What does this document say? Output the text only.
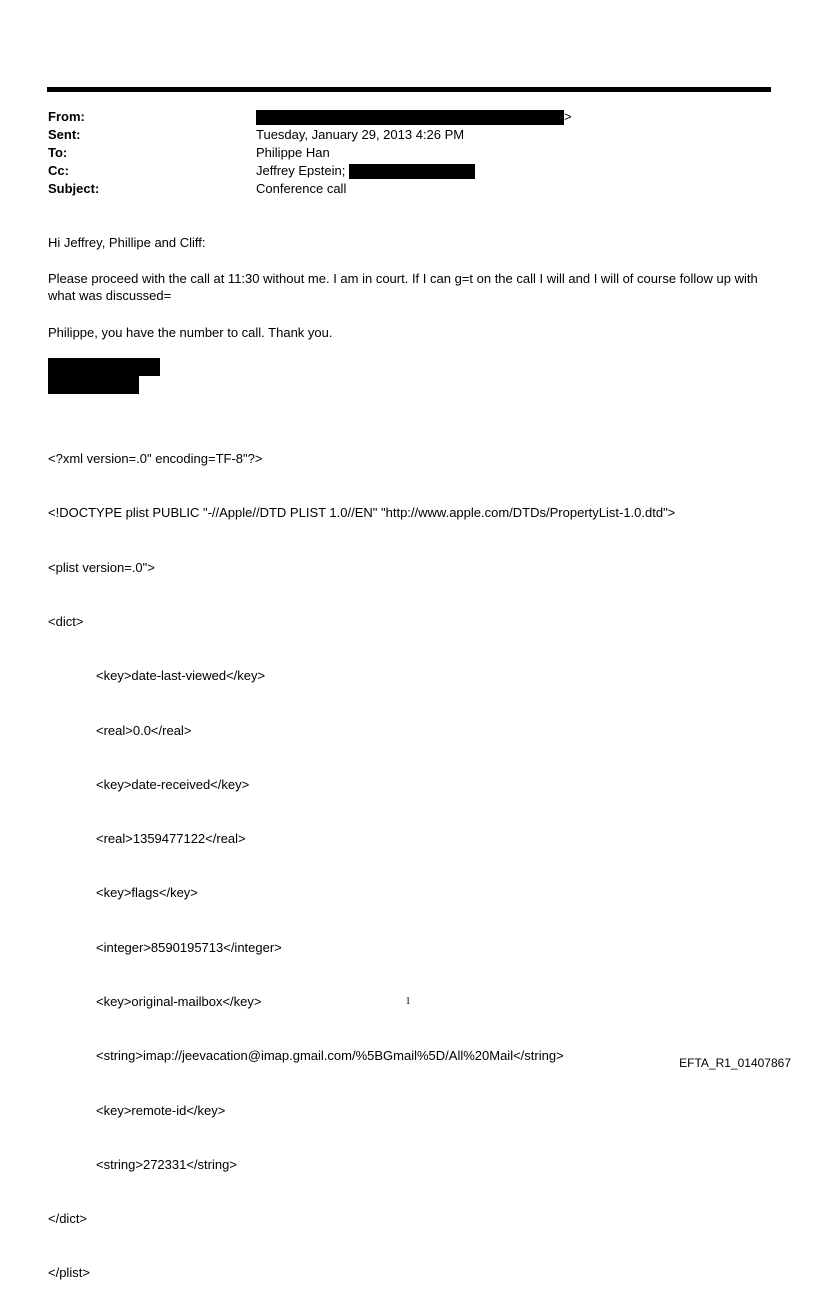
From:	>
Sent:	Tuesday, January 29, 2013 4:26 PM
To:	Philippe Han
Cc:	Jeffrey Epstein;
Subject:	Conference call
Hi Jeffrey, Phillipe and Cliff:
Please proceed with the call at 11:30 without me. I am in court. If I can g=t on the call I will and I will of course follow up with what was discussed=
Philippe, you have the number to call. Thank you.

<?xml version=.0" encoding=TF-8"?>

<!DOCTYPE plist PUBLIC "-//Apple//DTD PLIST 1.0//EN" "http://www.apple.com/DTDs/PropertyList-1.0.dtd">

<plist version=.0">

<dict>

<key>date-last-viewed</key>

<real>0.0</real>

<key>date-received</key>

<real>1359477122</real>

<key>flags</key>

<integer>8590195713</integer>

<key>original-mailbox</key>

<string>imap://jeevacation@imap.gmail.com/%5BGmail%5D/All%20Mail</string>

<key>remote-id</key>

<string>272331</string>

</dict>

</plist>

1
EFTA_R1_01407867
